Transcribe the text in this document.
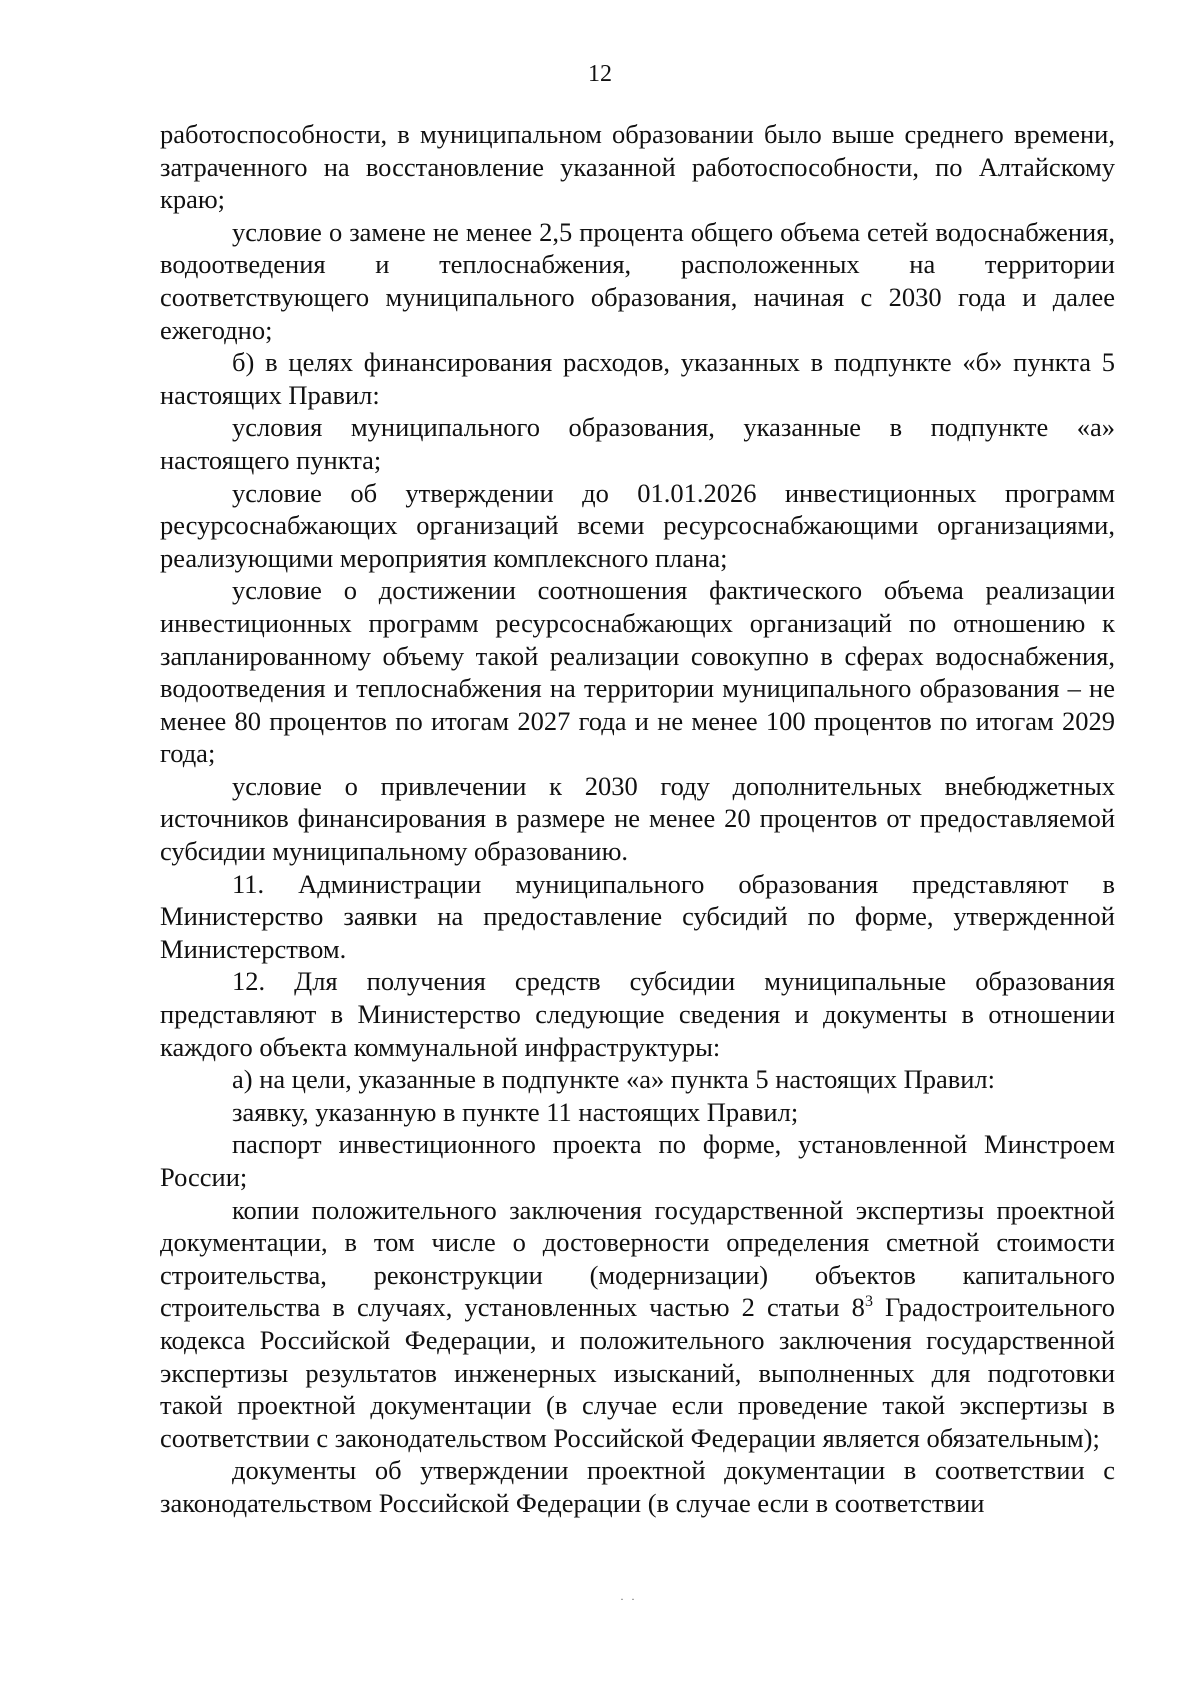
12

работоспособности, в муниципальном образовании было выше среднего времени, затраченного на восстановление указанной работоспособности, по Алтайскому краю;

условие о замене не менее 2,5 процента общего объема сетей водоснабжения, водоотведения и теплоснабжения, расположенных на территории соответствующего муниципального образования, начиная с 2030 года и далее ежегодно;

б) в целях финансирования расходов, указанных в подпункте «б» пункта 5 настоящих Правил:

условия муниципального образования, указанные в подпункте «а» настоящего пункта;

условие об утверждении до 01.01.2026 инвестиционных программ ресурсоснабжающих организаций всеми ресурсоснабжающими организациями, реализующими мероприятия комплексного плана;

условие о достижении соотношения фактического объема реализации инвестиционных программ ресурсоснабжающих организаций по отношению к запланированному объему такой реализации совокупно в сферах водоснабжения, водоотведения и теплоснабжения на территории муниципального образования – не менее 80 процентов по итогам 2027 года и не менее 100 процентов по итогам 2029 года;

условие о привлечении к 2030 году дополнительных внебюджетных источников финансирования в размере не менее 20 процентов от предоставляемой субсидии муниципальному образованию.

11. Администрации муниципального образования представляют в Министерство заявки на предоставление субсидий по форме, утвержденной Министерством.

12. Для получения средств субсидии муниципальные образования представляют в Министерство следующие сведения и документы в отношении каждого объекта коммунальной инфраструктуры:

а) на цели, указанные в подпункте «а» пункта 5 настоящих Правил:

заявку, указанную в пункте 11 настоящих Правил;

паспорт инвестиционного проекта по форме, установленной Минстроем России;

копии положительного заключения государственной экспертизы проектной документации, в том числе о достоверности определения сметной стоимости строительства, реконструкции (модернизации) объектов капитального строительства в случаях, установленных частью 2 статьи $8^3$ Градостроительного кодекса Российской Федерации, и положительного заключения государственной экспертизы результатов инженерных изысканий, выполненных для подготовки такой проектной документации (в случае если проведение такой экспертизы в соответствии с законодательством Российской Федерации является обязательным);

документы об утверждении проектной документации в соответствии с законодательством Российской Федерации (в случае если в соответствии

· ·
